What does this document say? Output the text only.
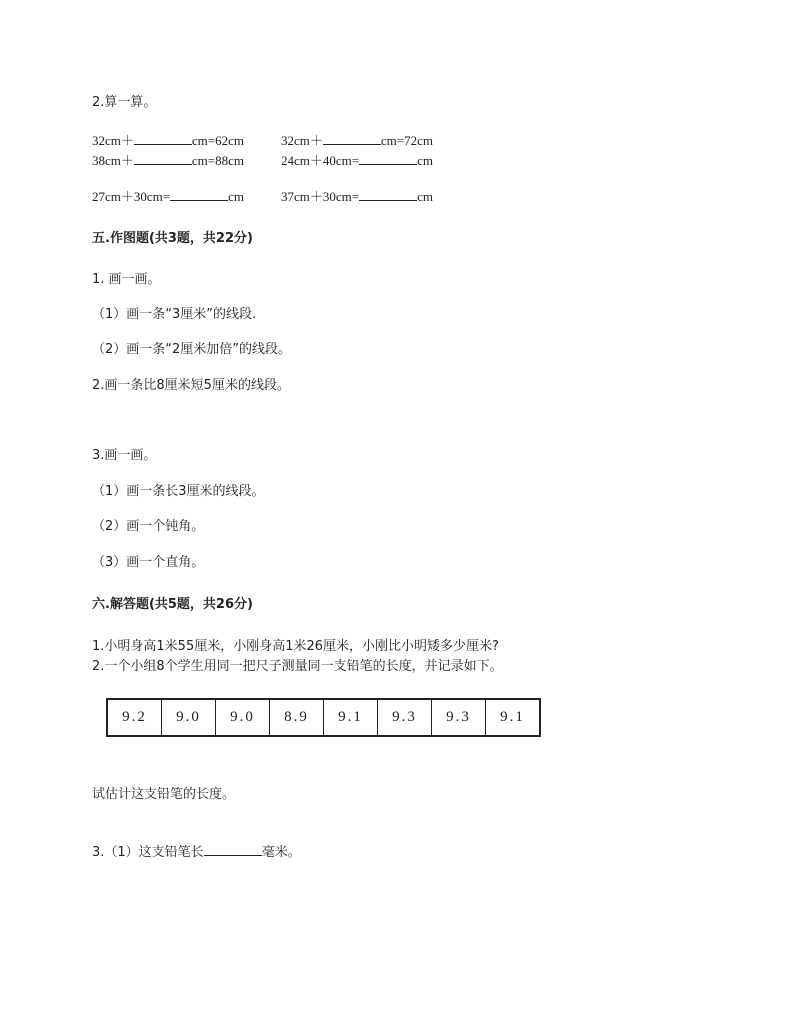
2.算一算。
32cm＋	cm=62cm	32cm＋	cm=72cm
38cm＋	cm=88cm	24cm＋40cm=	cm
27cm＋30cm=	cm	37cm＋30cm=	cm
五.作图题(共3题，共22分)
1. 画一画。
（1）画一条“3厘米”的线段.
（2）画一条“2厘米加倍”的线段。
2.画一条比8厘米短5厘米的线段。
3.画一画。
（1）画一条长3厘米的线段。
（2）画一个钝角。
（3）画一个直角。
六.解答题(共5题，共26分)
1.小明身高1米55厘米，小刚身高1米26厘米，小刚比小明矮多少厘米?
2.一个小组8个学生用同一把尺子测量同一支铅笔的长度，并记录如下。
9.2	9.0	9.0	8.9	9.1	9.3	9.3	9.1
试估计这支铅笔的长度。
3.（1）这支铅笔长	毫米。
